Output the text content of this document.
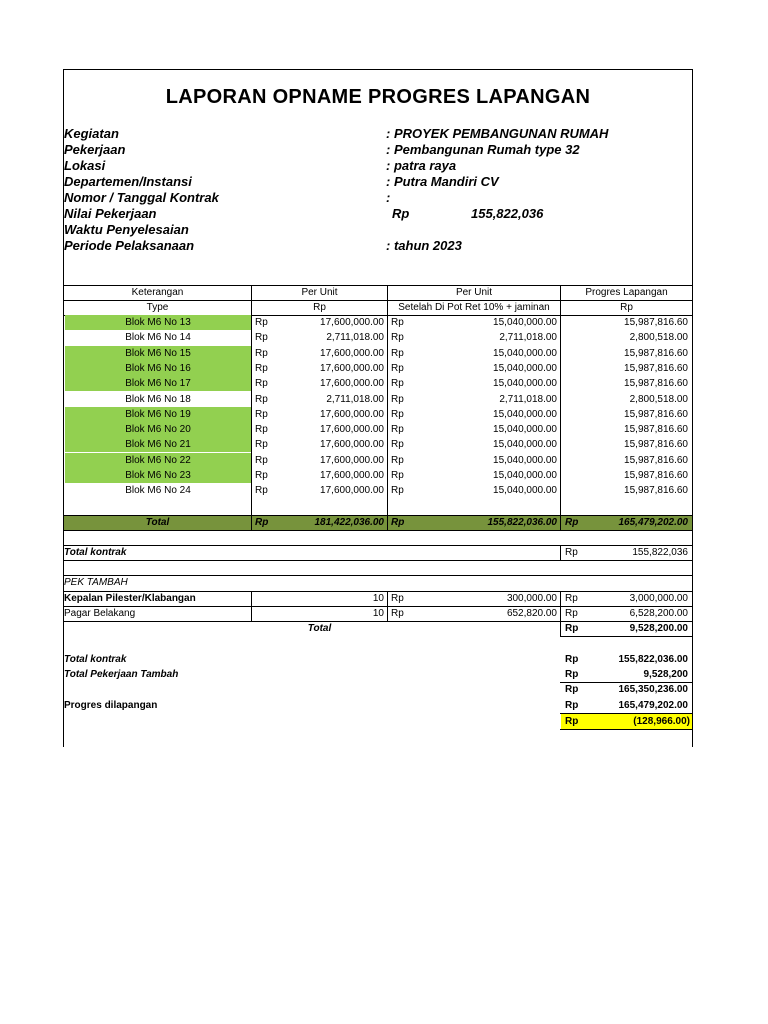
LAPORAN OPNAME PROGRES LAPANGAN
Kegiatan	: PROYEK PEMBANGUNAN RUMAH
Pekerjaan	: Pembangunan Rumah type 32
Lokasi	: patra raya
Departemen/Instansi	: Putra Mandiri CV
Nomor / Tanggal Kontrak	:
Nilai Pekerjaan	Rp	155,822,036
Waktu Penyelesaian
Periode Pelaksanaan	: tahun 2023
Keterangan	Per Unit	Per Unit	Progres Lapangan
Type	Rp	Setelah Di Pot Ret 10% + jaminan	Rp
Blok M6 No 13	Rp	17,600,000.00 Rp	15,040,000.00	15,987,816.60
Blok M6 No 14	Rp	2,711,018.00 Rp	2,711,018.00	2,800,518.00
Blok M6 No 15	Rp	17,600,000.00 Rp	15,040,000.00	15,987,816.60
Blok M6 No 16	Rp	17,600,000.00 Rp	15,040,000.00	15,987,816.60
Blok M6 No 17	Rp	17,600,000.00 Rp	15,040,000.00	15,987,816.60
Blok M6 No 18	Rp	2,711,018.00 Rp	2,711,018.00	2,800,518.00
Blok M6 No 19	Rp	17,600,000.00 Rp	15,040,000.00	15,987,816.60
Blok M6 No 20	Rp	17,600,000.00 Rp	15,040,000.00	15,987,816.60
Blok M6 No 21	Rp	17,600,000.00 Rp	15,040,000.00	15,987,816.60
Blok M6 No 22	Rp	17,600,000.00 Rp	15,040,000.00	15,987,816.60
Blok M6 No 23	Rp	17,600,000.00 Rp	15,040,000.00	15,987,816.60
Blok M6 No 24	Rp	17,600,000.00 Rp	15,040,000.00	15,987,816.60
Total	Rp	181,422,036.00 Rp	155,822,036.00 Rp	165,479,202.00
Total kontrak	Rp	155,822,036
PEK TAMBAH
Kepalan Pilester/Klabangan	10 Rp	300,000.00 Rp	3,000,000.00
Pagar Belakang	10 Rp	652,820.00 Rp	6,528,200.00
Total	Rp	9,528,200.00
Total kontrak	Rp	155,822,036.00
Total Pekerjaan Tambah	Rp	9,528,200
Rp	165,350,236.00
Progres dilapangan	Rp	165,479,202.00
Rp	(128,966.00)
